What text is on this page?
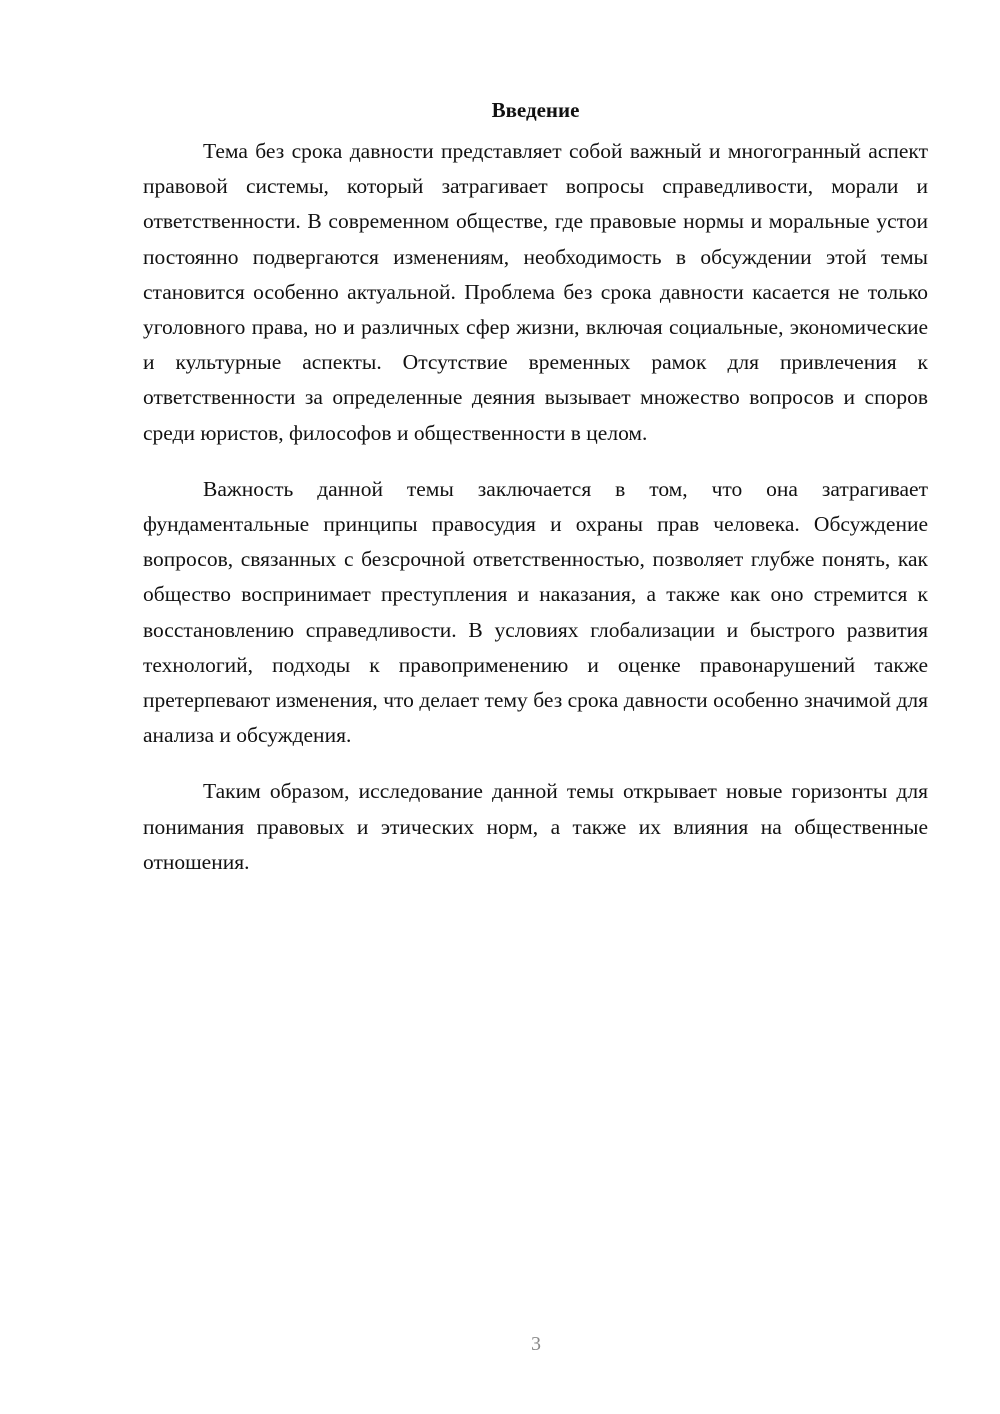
Введение

Тема без срока давности представляет собой важный и многогранный аспект правовой системы, который затрагивает вопросы справедливости, морали и ответственности. В современном обществе, где правовые нормы и моральные устои постоянно подвергаются изменениям, необходимость в обсуждении этой темы становится особенно актуальной. Проблема без срока давности касается не только уголовного права, но и различных сфер жизни, включая социальные, экономические и культурные аспекты. Отсутствие временных рамок для привлечения к ответственности за определенные деяния вызывает множество вопросов и споров среди юристов, философов и общественности в целом.

Важность данной темы заключается в том, что она затрагивает фундаментальные принципы правосудия и охраны прав человека. Обсуждение вопросов, связанных с безсрочной ответственностью, позволяет глубже понять, как общество воспринимает преступления и наказания, а также как оно стремится к восстановлению справедливости. В условиях глобализации и быстрого развития технологий, подходы к правоприменению и оценке правонарушений также претерпевают изменения, что делает тему без срока давности особенно значимой для анализа и обсуждения.

Таким образом, исследование данной темы открывает новые горизонты для понимания правовых и этических норм, а также их влияния на общественные отношения.

3
